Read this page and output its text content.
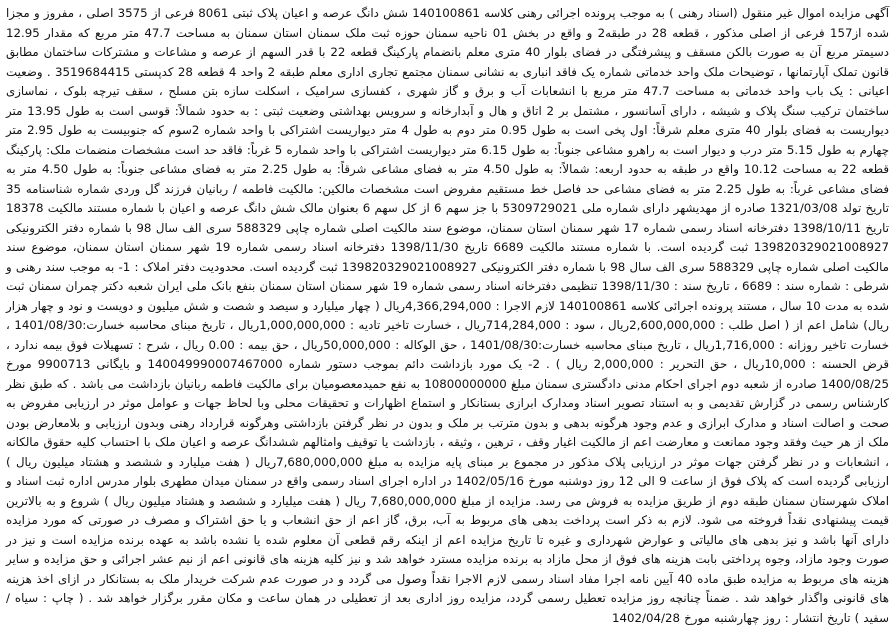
آگهی مزایده اموال غیر منقول (اسناد رهنی ) به موجب پرونده اجرائی رهنی کلاسه 140100861 شش دانگ عرصه و اعیان پلاک ثبتی 8061 فرعی از 3575 اصلی ، مفروز و مجزا شده از157 فرعی از اصلی مذکور ، قطعه 28 در طبقه2 و واقع در بخش 01 ناحیه سمنان حوزه ثبت ملک سمنان استان سمنان به مساحت 47.7 متر مربع که مقدار 12.95 دسیمتر مربع آن به صورت بالکن مسقف و پیشرفتگی در فضای بلوار 40 متری معلم بانضمام پارکینگ قطعه 22 با قدر السهم از عرصه و مشاعات و مشترکات ساختمان مطابق قانون تملک آپارتمانها ، توضیحات ملک واحد خدماتی شماره یک فاقد انباری به نشانی سمنان مجتمع تجاری اداری معلم طبقه 2 واحد 4 قطعه 28 کدپستی 3519684415 . وضعیت اعیانی : یک باب واحد خدماتی به مساحت 47.7 متر مربع با انشعابات آب و برق و گاز شهری ، کفسازی سرامیک ، اسکلت سازه بتن مسلح ، سقف تیرچه بلوک ، نماسازی ساختمان ترکیب سنگ پلاک و شیشه ، دارای آسانسور ، مشتمل بر 2 اتاق و هال و آبدارخانه و سرویس بهداشتی وضعیت ثبتی : به حدود شمالاً: قوسی است به طول 13.95 متر دیواریست به فضای بلوار 40 متری معلم شرقاً: اول پخی است به طول 0.95 متر دوم به طول 4 متر دیواریست اشتراکی با واحد شماره 2سوم که جنوبیست به طول 2.95 متر چهارم به طول 5.15 متر درب و دیوار است به راهرو مشاعی جنوباً: به طول 6.15 متر دیواریست اشتراکی با واحد شماره 5 غرباً: فاقد حد است مشخصات منضمات ملک: پارکینگ قطعه 22 به مساحت 10.12 واقع در طبقه به حدود اربعه: شمالاً: به طول 4.50 متر به فضای مشاعی شرقاً: به طول 2.25 متر به فضای مشاعی جنوباً: به طول 4.50 متر به فضای مشاعی غرباً: به طول 2.25 متر به فضای مشاعی حد فاصل خط مستقیم مفروض است مشخصات مالکین: مالکیت فاطمه / ربانیان فرزند گل وردی شماره شناسنامه 35 تاریخ تولد 1321/03/08 صادره از مهدیشهر دارای شماره ملی 5309729021 با جز سهم 6 از کل سهم 6 بعنوان مالک شش دانگ عرصه و اعیان با شماره مستند مالکیت 18378 تاریخ 1398/10/11 دفترخانه اسناد رسمی شماره 17 شهر سمنان استان سمنان، موضوع سند مالکیت اصلی شماره چاپی 588329 سری الف سال 98 با شماره دفتر الکترونیکی 139820329021008927 ثبت گردیده است. با شماره مستند مالکیت 6689 تاریخ 1398/11/30 دفترخانه اسناد رسمی شماره 19 شهر سمنان استان سمنان، موضوع سند مالکیت اصلی شماره چاپی 588329 سری الف سال 98 با شماره دفتر الکترونیکی 139820329021008927 ثبت گردیده است. محدودیت دفتر املاک : 1- به موجب سند رهنی و شرطی : شماره سند : 6689 ، تاریخ سند : 1398/11/30 تنظیمی دفترخانه اسناد رسمی شماره 19 شهر سمنان استان سمنان بنفع بانک ملی ایران شعبه دکتر چمران سمنان ثبت شده به مدت 10 سال ، مستند پرونده اجرائی کلاسه 140100861 لازم الاجرا : 4,366,294,000ریال ( چهار میلیارد و سیصد و شصت و شش میلیون و دویست و نود و چهار هزار ریال) شامل اعم از ( اصل طلب : 2,600,000,000ریال ، سود : 714,284,000ریال ، خسارت تاخیر تادیه : 1,000,000,000ریال ، تاریخ مبنای محاسبه خسارت:1401/08/30 ، خسارت تاخیر روزانه : 1,716,000ریال ، تاریخ مبنای محاسبه خسارت:1401/08/30 ، حق الوکاله : 50,000,000ریال ، حق بیمه : 0.00 ریال ، شرح : تسهیلات فوق بیمه ندارد ، قرض الحسنه : 10,000ریال ، حق التحریر : 2,000,000 ریال ) . 2- یک مورد بازداشت دائم بموجب دستور شماره 140049990007467000 و بایگانی 9900713 مورخ 1400/08/25 صادره از شعبه دوم اجرای احکام مدنی دادگستری سمنان مبلغ 10800000000 به نفع حمیدمعصومیان برای مالکیت فاطمه ربانیان بازداشت می باشد . که طبق نظر کارشناس رسمی در گزارش تقدیمی و به استناد تصویر اسناد ومدارک ابرازی بستانکار و استماع اظهارات و تحقیقات محلی وبا لحاظ جهات و عوامل موثر در ارزیابی مفروض به صحت و اصالت اسناد و مدارک ابرازی و عدم وجود هرگونه بدهی و بدون مترتب بر ملک و بدون در نظر گرفتن بازداشتی وهرگونه قرارداد رهنی وبدون ارزیابی و بلامعارض بودن ملک از هر حیث وفقد وجود ممانعت و معارضت اعم از مالکیت اغیار وقف ، ترهین ، وثیقه ، بازداشت یا توقیف وامثالهم ششدانگ عرصه و اعیان ملک با احتساب کلیه حقوق مالکانه ، انشعابات و در نظر گرفتن جهات موثر در ارزیابی پلاک مذکور در مجموع بر مبنای پایه مزایده به مبلغ 7,680,000,000ریال ( هفت میلیارد و ششصد و هشتاد میلیون ریال ) ارزیابی گردیده است که پلاک فوق از ساعت 9 الی 12 روز دوشنبه مورخ 1402/05/16 در اداره اجرای اسناد رسمی واقع در سمنان میدان مطهری بلوار مدرس اداره ثبت اسناد و املاک شهرستان سمنان طبقه دوم از طریق مزایده به فروش می رسد. مزایده از مبلغ 7,680,000,000 ریال ( هفت میلیارد و ششصد و هشتاد میلیون ریال ) شروع و به بالاترین قیمت پیشنهادی نقداً فروخته می شود. لازم به ذکر است پرداخت بدهی های مربوط به آب، برق، گاز اعم از حق انشعاب و یا حق اشتراک و مصرف در صورتی که مورد مزایده دارای آنها باشد و نیز بدهی های مالیاتی و عوارض شهرداری و غیره تا تاریخ مزایده اعم از اینکه رقم قطعی آن معلوم شده یا نشده باشد به عهده برنده مزایده است و نیز در صورت وجود مازاد، وجوه پرداختی بابت هزینه های فوق از محل مازاد به برنده مزایده مسترد خواهد شد و نیز کلیه هزینه های قانونی اعم از نیم عشر اجرائی و حق مزایده و سایر هزینه های مربوط به مزایده طبق ماده 40 آیین نامه اجرا مفاد اسناد رسمی لازم الاجرا نقداً وصول می گردد و در صورت عدم شرکت خریدار ملک به بستانکار در ازای اخذ هزینه های قانونی واگذار خواهد شد . ضمناً چنانچه روز مزایده تعطیل رسمی گردد، مزایده روز اداری بعد از تعطیلی در همان ساعت و مکان مقرر برگزار خواهد شد . ( چاپ : سیاه / سفید ) تاریخ انتشار : روز چهارشنبه مورخ 1402/04/28
